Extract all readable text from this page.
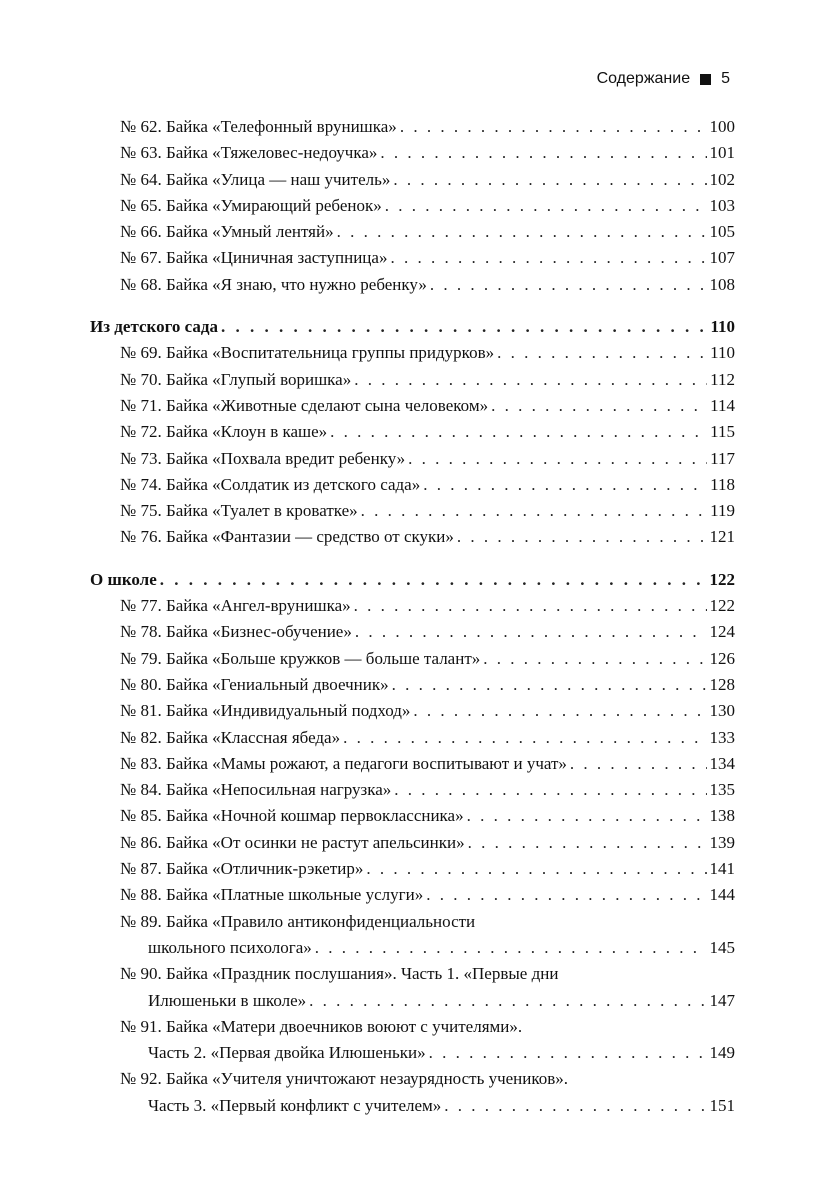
Содержание 5
№ 62. Байка «Телефонный врунишка» . . .	100
№ 63. Байка «Тяжеловес-недоучка» . . .	101
№ 64. Байка «Улица — наш учитель» . . .	102
№ 65. Байка «Умирающий ребенок» . . .	103
№ 66. Байка «Умный лентяй» . . .	105
№ 67. Байка «Циничная заступница» . . .	107
№ 68. Байка «Я знаю, что нужно ребенку» . . .	108
Из детского сада . . .	110
№ 69. Байка «Воспитательница группы придурков» . . .	110
№ 70. Байка «Глупый воришка» . . .	112
№ 71. Байка «Животные сделают сына человеком» . . .	114
№ 72. Байка «Клоун в каше» . . .	115
№ 73. Байка «Похвала вредит ребенку» . . .	117
№ 74. Байка «Солдатик из детского сада» . . .	118
№ 75. Байка «Туалет в кроватке» . . .	119
№ 76. Байка «Фантазии — средство от скуки» . . .	121
О школе . . .	122
№ 77. Байка «Ангел-врунишка» . . .	122
№ 78. Байка «Бизнес-обучение» . . .	124
№ 79. Байка «Больше кружков — больше талант» . . .	126
№ 80. Байка «Гениальный двоечник» . . .	128
№ 81. Байка «Индивидуальный подход» . . .	130
№ 82. Байка «Классная ябеда» . . .	133
№ 83. Байка «Мамы рожают, а педагоги воспитывают и учат» . . .	134
№ 84. Байка «Непосильная нагрузка» . . .	135
№ 85. Байка «Ночной кошмар первоклассника» . . .	138
№ 86. Байка «От осинки не растут апельсинки» . . .	139
№ 87. Байка «Отличник-рэкетир» . . .	141
№ 88. Байка «Платные школьные услуги» . . .	144
№ 89. Байка «Правило антиконфиденциальности
школьного психолога» . . .	145
№ 90. Байка «Праздник послушания». Часть 1. «Первые дни
Илюшеньки в школе» . . .	147
№ 91. Байка «Матери двоечников воюют с учителями».
Часть 2. «Первая двойка Илюшеньки» . . .	149
№ 92. Байка «Учителя уничтожают незаурядность учеников».
Часть 3. «Первый конфликт с учителем» . . .	151
